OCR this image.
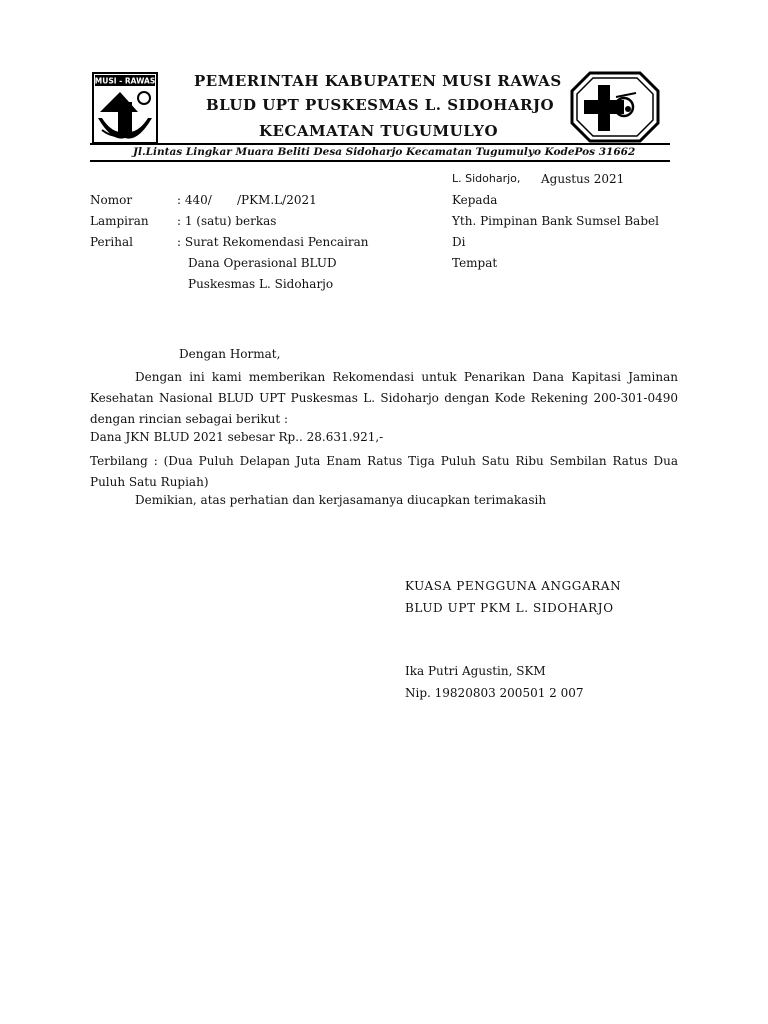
MUSI - RAWAS	PEMERINTAH KABUPATEN MUSI RAWAS
BLUD UPT PUSKESMAS L. SIDOHARJO
KECAMATAN TUGUMULYO
Jl.Lintas Lingkar Muara Beliti Desa Sidoharjo Kecamatan Tugumulyo KodePos 31662
L. Sidoharjo, Agustus 2021
Nomor	: 440/ /PKM.L/2021
Lampiran : 1 (satu) berkas
Perihal	: Surat Rekomendasi Pencairan
Dana Operasional BLUD
Puskesmas L. Sidoharjo
Kepada
Yth. Pimpinan Bank Sumsel Babel
Di
Tempat
Dengan Hormat,
Dengan ini kami memberikan Rekomendasi untuk Penarikan Dana Kapitasi Jaminan Kesehatan Nasional BLUD UPT Puskesmas L. Sidoharjo dengan Kode Rekening 200-301-0490 dengan rincian sebagai berikut :
Dana JKN BLUD 2021 sebesar Rp.. 28.631.921,-
Terbilang : (Dua Puluh Delapan Juta Enam Ratus Tiga Puluh Satu Ribu Sembilan Ratus Dua Puluh Satu Rupiah)
Demikian, atas perhatian dan kerjasamanya diucapkan terimakasih
KUASA PENGGUNA ANGGARAN
BLUD UPT PKM L. SIDOHARJO
Ika Putri Agustin, SKM
Nip. 19820803 200501 2 007
